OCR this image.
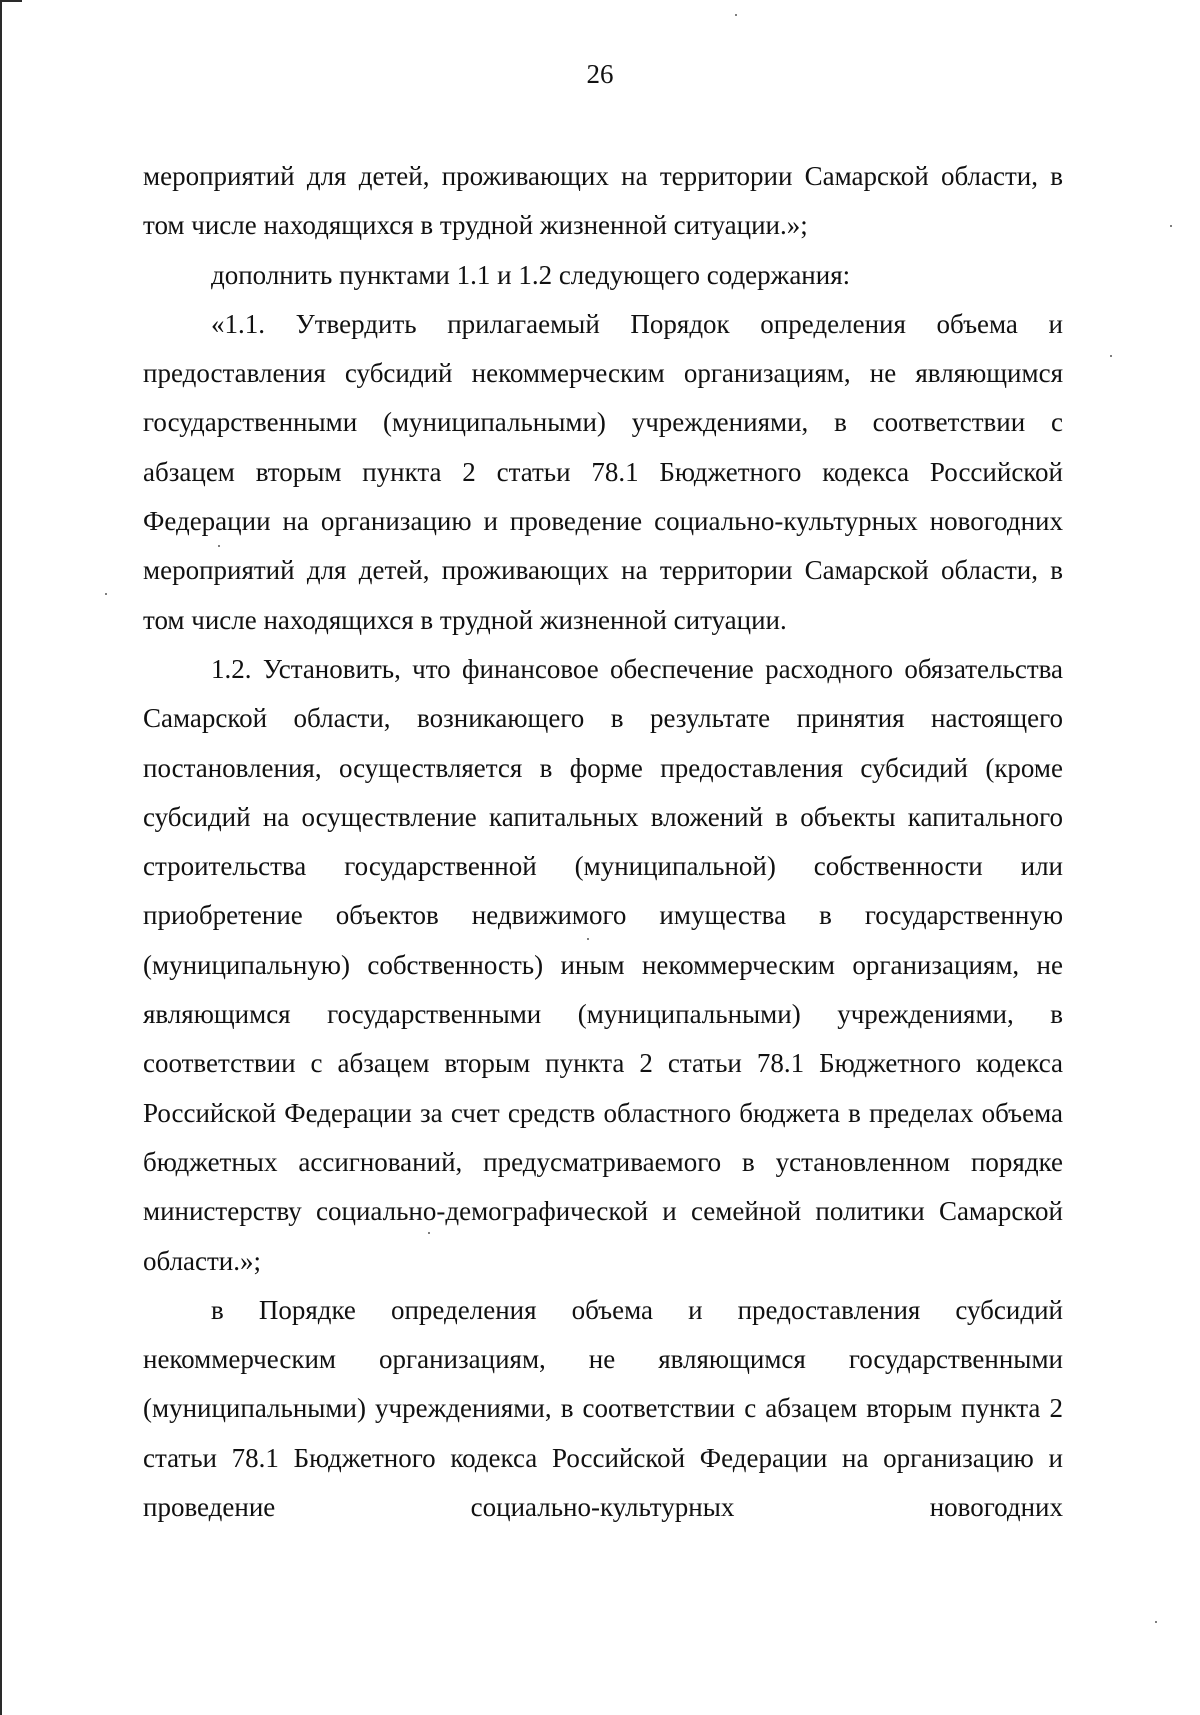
26

мероприятий для детей, проживающих на территории Самарской области, в том числе находящихся в трудной жизненной ситуации.»;

дополнить пунктами 1.1 и 1.2 следующего содержания:

«1.1. Утвердить прилагаемый Порядок определения объема и предоставления субсидий некоммерческим организациям, не являющимся государственными (муниципальными) учреждениями, в соответствии с абзацем вторым пункта 2 статьи 78.1 Бюджетного кодекса Российской Федерации на организацию и проведение социально-культурных новогодних мероприятий для детей, проживающих на территории Самарской области, в том числе находящихся в трудной жизненной ситуации.

1.2. Установить, что финансовое обеспечение расходного обязательства Самарской области, возникающего в результате принятия настоящего постановления, осуществляется в форме предоставления субсидий (кроме субсидий на осуществление капитальных вложений в объекты капитального строительства государственной (муниципальной) собственности или приобретение объектов недвижимого имущества в государственную (муниципальную) собственность) иным некоммерческим организациям, не являющимся государственными (муниципальными) учреждениями, в соответствии с абзацем вторым пункта 2 статьи 78.1 Бюджетного кодекса Российской Федерации за счет средств областного бюджета в пределах объема бюджетных ассигнований, предусматриваемого в установленном порядке министерству социально-демографической и семейной политики Самарской области.»;

в Порядке определения объема и предоставления субсидий некоммерческим организациям, не являющимся государственными (муниципальными) учреждениями, в соответствии с абзацем вторым пункта 2 статьи 78.1 Бюджетного кодекса Российской Федерации на организацию и проведение социально-культурных новогодних
